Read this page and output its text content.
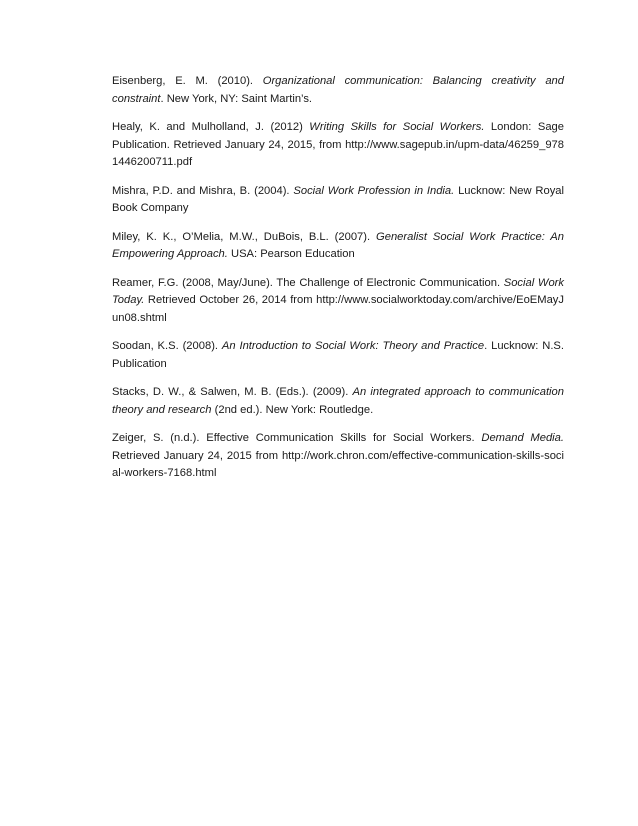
Eisenberg, E. M. (2010). Organizational communication: Balancing creativity and constraint. New York, NY: Saint Martin’s.

Healy, K. and Mulholland, J. (2012) Writing Skills for Social Workers. London: Sage Publication. Retrieved January 24, 2015, from http://www.sagepub.in/upm-data/46259_9781446200711.pdf

Mishra, P.D. and Mishra, B. (2004). Social Work Profession in India. Lucknow: New Royal Book Company

Miley, K. K., O’Melia, M.W., DuBois, B.L. (2007). Generalist Social Work Practice: An Empowering Approach. USA: Pearson Education

Reamer, F.G. (2008, May/June). The Challenge of Electronic Communication. Social Work Today. Retrieved October 26, 2014 from http://www.socialworktoday.com/archive/EoEMayJun08.shtml

Soodan, K.S. (2008). An Introduction to Social Work: Theory and Practice. Lucknow: N.S. Publication

Stacks, D. W., & Salwen, M. B. (Eds.). (2009). An integrated approach to communication theory and research (2nd ed.). New York: Routledge.

Zeiger, S. (n.d.). Effective Communication Skills for Social Workers. Demand Media. Retrieved January 24, 2015 from http://work.chron.com/effective-communication-skills-social-workers-7168.html
